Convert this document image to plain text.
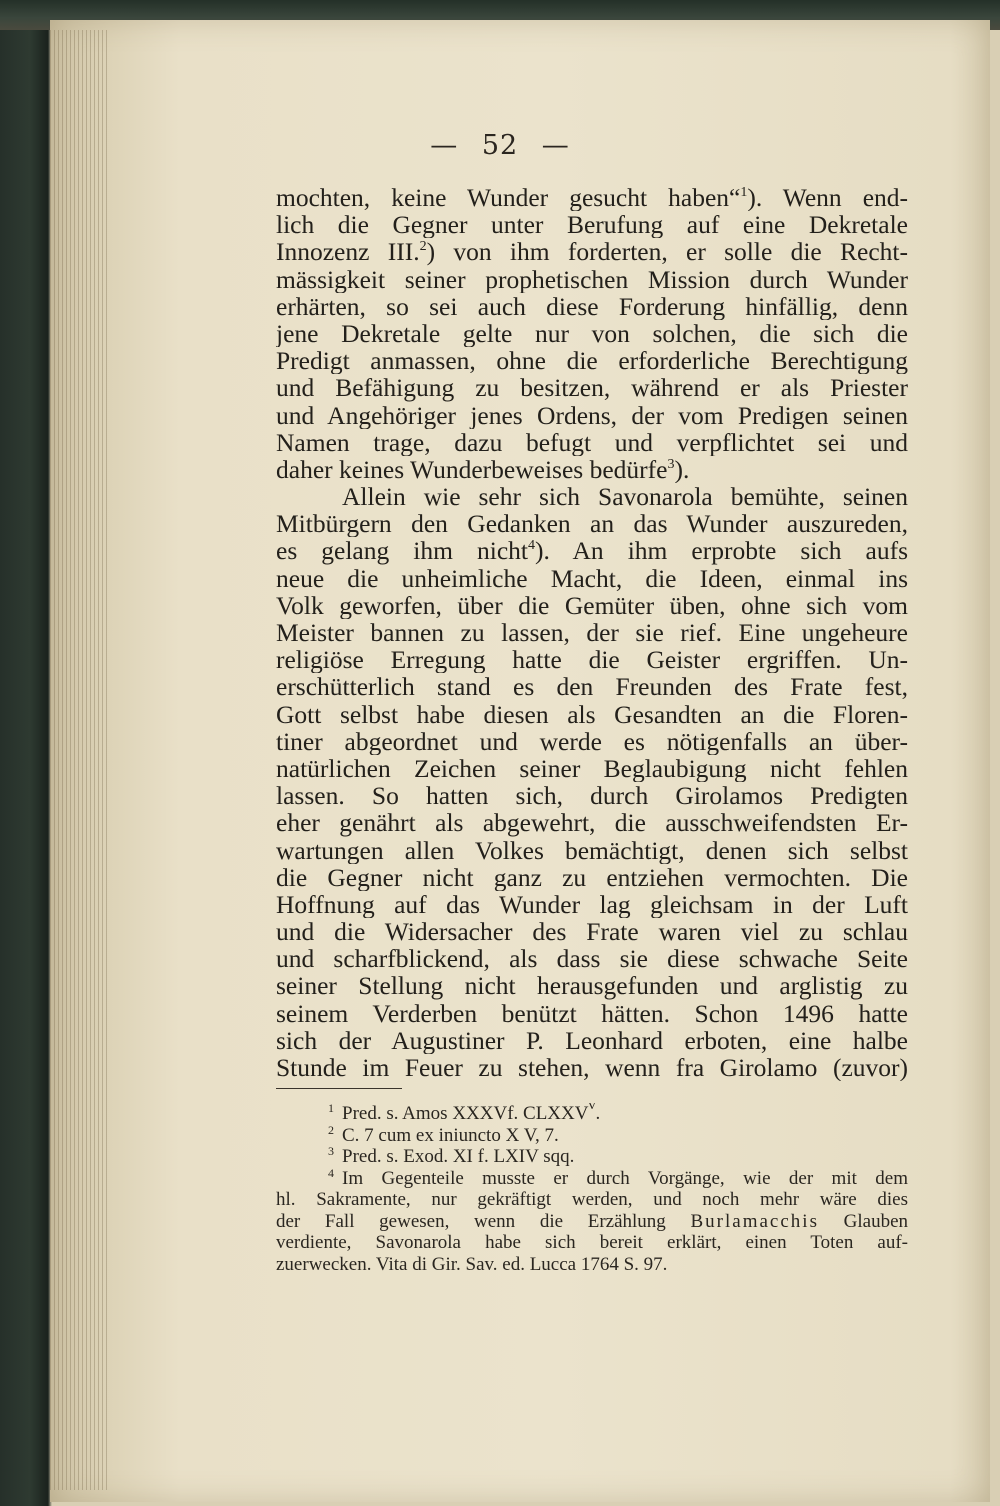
— 52 —
mochten, keine Wunder gesucht haben“$^1$). Wenn end-
lich die Gegner unter Berufung auf eine Dekretale
Innozenz III.$^2$) von ihm forderten, er solle die Recht-
mässigkeit seiner prophetischen Mission durch Wunder
erhärten, so sei auch diese Forderung hinfällig, denn
jene Dekretale gelte nur von solchen, die sich die
Predigt anmassen, ohne die erforderliche Berechtigung
und Befähigung zu besitzen, während er als Priester
und Angehöriger jenes Ordens, der vom Predigen seinen
Namen trage, dazu befugt und verpflichtet sei und
daher keines Wunderbeweises bedürfe$^3$).
Allein wie sehr sich Savonarola bemühte, seinen
Mitbürgern den Gedanken an das Wunder auszureden,
es gelang ihm nicht$^4$). An ihm erprobte sich aufs
neue die unheimliche Macht, die Ideen, einmal ins
Volk geworfen, über die Gemüter üben, ohne sich vom
Meister bannen zu lassen, der sie rief. Eine ungeheure
religiöse Erregung hatte die Geister ergriffen. Un-
erschütterlich stand es den Freunden des Frate fest,
Gott selbst habe diesen als Gesandten an die Floren-
tiner abgeordnet und werde es nötigenfalls an über-
natürlichen Zeichen seiner Beglaubigung nicht fehlen
lassen. So hatten sich, durch Girolamos Predigten
eher genährt als abgewehrt, die ausschweifendsten Er-
wartungen allen Volkes bemächtigt, denen sich selbst
die Gegner nicht ganz zu entziehen vermochten. Die
Hoffnung auf das Wunder lag gleichsam in der Luft
und die Widersacher des Frate waren viel zu schlau
und scharfblickend, als dass sie diese schwache Seite
seiner Stellung nicht herausgefunden und arglistig zu
seinem Verderben benützt hätten. Schon 1496 hatte
sich der Augustiner P. Leonhard erboten, eine halbe
Stunde im Feuer zu stehen, wenn fra Girolamo (zuvor)
$^1$ Pred. s. Amos XXXVf. CLXXV$^v$.
$^2$ C. 7 cum ex iniuncto X V, 7.
$^3$ Pred. s. Exod. XI f. LXIV sqq.
$^4$ Im Gegenteile musste er durch Vorgänge, wie der mit dem
hl. Sakramente, nur gekräftigt werden, und noch mehr wäre dies
der Fall gewesen, wenn die Erzählung Burlamacchis Glauben
verdiente, Savonarola habe sich bereit erklärt, einen Toten auf-
zuerwecken. Vita di Gir. Sav. ed. Lucca 1764 S. 97.
